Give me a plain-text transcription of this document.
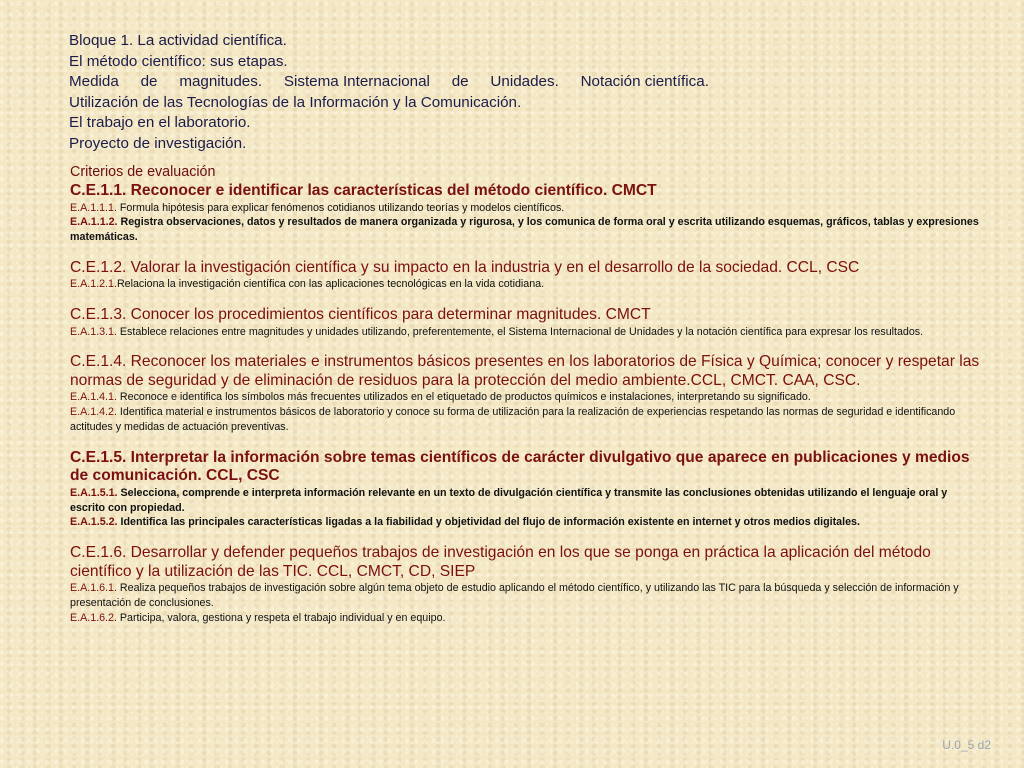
Bloque 1. La actividad científica.
El método científico: sus etapas.
Medida de magnitudes. Sistema Internacional de Unidades. Notación científica.
Utilización de las Tecnologías de la Información y la Comunicación.
El trabajo en el laboratorio.
Proyecto de investigación.
Criterios de evaluación
C.E.1.1. Reconocer e identificar las características del método científico. CMCT
E.A.1.1.1. Formula hipótesis para explicar fenómenos cotidianos utilizando teorías y modelos científicos.
E.A.1.1.2. Registra observaciones, datos y resultados de manera organizada y rigurosa, y los comunica de forma oral y escrita utilizando esquemas, gráficos, tablas y expresiones matemáticas.
C.E.1.2. Valorar la investigación científica y su impacto en la industria y en el desarrollo de la sociedad. CCL, CSC
E.A.1.2.1.Relaciona la investigación científica con las aplicaciones tecnológicas en la vida cotidiana.
C.E.1.3. Conocer los procedimientos científicos para determinar magnitudes. CMCT
E.A.1.3.1. Establece relaciones entre magnitudes y unidades utilizando, preferentemente, el Sistema Internacional de Unidades y la notación científica para expresar los resultados.
C.E.1.4. Reconocer los materiales e instrumentos básicos presentes en los laboratorios de Física y Química; conocer y respetar las normas de seguridad y de eliminación de residuos para la protección del medio ambiente.CCL, CMCT. CAA, CSC.
E.A.1.4.1. Reconoce e identifica los símbolos más frecuentes utilizados en el etiquetado de productos químicos e instalaciones, interpretando su significado.
E.A.1.4.2. Identifica material e instrumentos básicos de laboratorio y conoce su forma de utilización para la realización de experiencias respetando las normas de seguridad e identificando actitudes y medidas de actuación preventivas.
C.E.1.5. Interpretar la información sobre temas científicos de carácter divulgativo que aparece en publicaciones y medios de comunicación. CCL, CSC
E.A.1.5.1. Selecciona, comprende e interpreta información relevante en un texto de divulgación científica y transmite las conclusiones obtenidas utilizando el lenguaje oral y escrito con propiedad.
E.A.1.5.2. Identifica las principales características ligadas a la fiabilidad y objetividad del flujo de información existente en internet y otros medios digitales.
C.E.1.6. Desarrollar y defender pequeños trabajos de investigación en los que se ponga en práctica la aplicación del método científico y la utilización de las TIC. CCL, CMCT, CD, SIEP
E.A.1.6.1. Realiza pequeños trabajos de investigación sobre algún tema objeto de estudio aplicando el método científico, y utilizando las TIC para la búsqueda y selección de información y presentación de conclusiones.
E.A.1.6.2. Participa, valora, gestiona y respeta el trabajo individual y en equipo.
U.0_5 d2
